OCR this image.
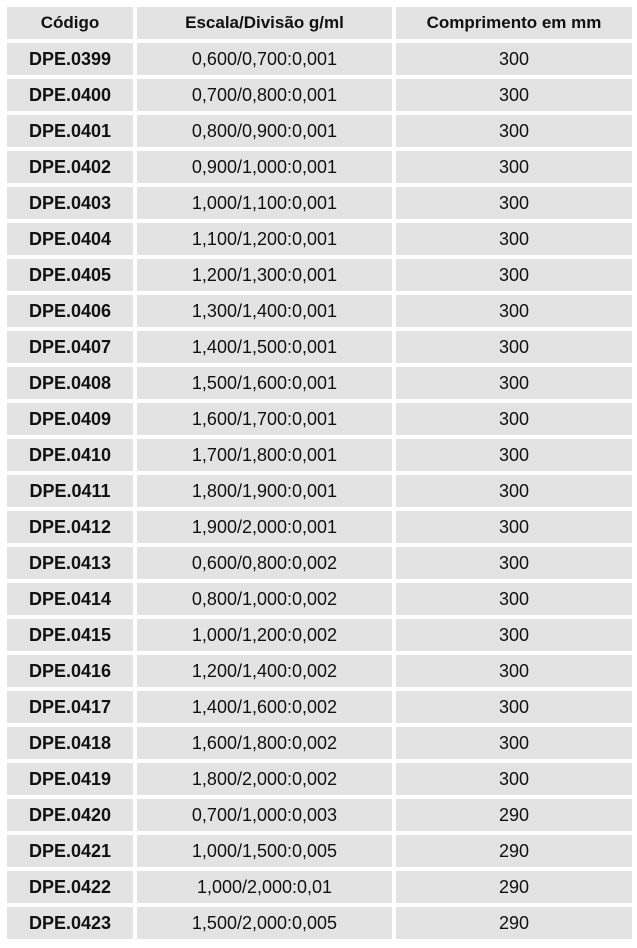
Código	Escala/Divisão g/ml	Comprimento em mm
DPE.0399	0,600/0,700:0,001	300
DPE.0400	0,700/0,800:0,001	300
DPE.0401	0,800/0,900:0,001	300
DPE.0402	0,900/1,000:0,001	300
DPE.0403	1,000/1,100:0,001	300
DPE.0404	1,100/1,200:0,001	300
DPE.0405	1,200/1,300:0,001	300
DPE.0406	1,300/1,400:0,001	300
DPE.0407	1,400/1,500:0,001	300
DPE.0408	1,500/1,600:0,001	300
DPE.0409	1,600/1,700:0,001	300
DPE.0410	1,700/1,800:0,001	300
DPE.0411	1,800/1,900:0,001	300
DPE.0412	1,900/2,000:0,001	300
DPE.0413	0,600/0,800:0,002	300
DPE.0414	0,800/1,000:0,002	300
DPE.0415	1,000/1,200:0,002	300
DPE.0416	1,200/1,400:0,002	300
DPE.0417	1,400/1,600:0,002	300
DPE.0418	1,600/1,800:0,002	300
DPE.0419	1,800/2,000:0,002	300
DPE.0420	0,700/1,000:0,003	290
DPE.0421	1,000/1,500:0,005	290
DPE.0422	1,000/2,000:0,01	290
DPE.0423	1,500/2,000:0,005	290
